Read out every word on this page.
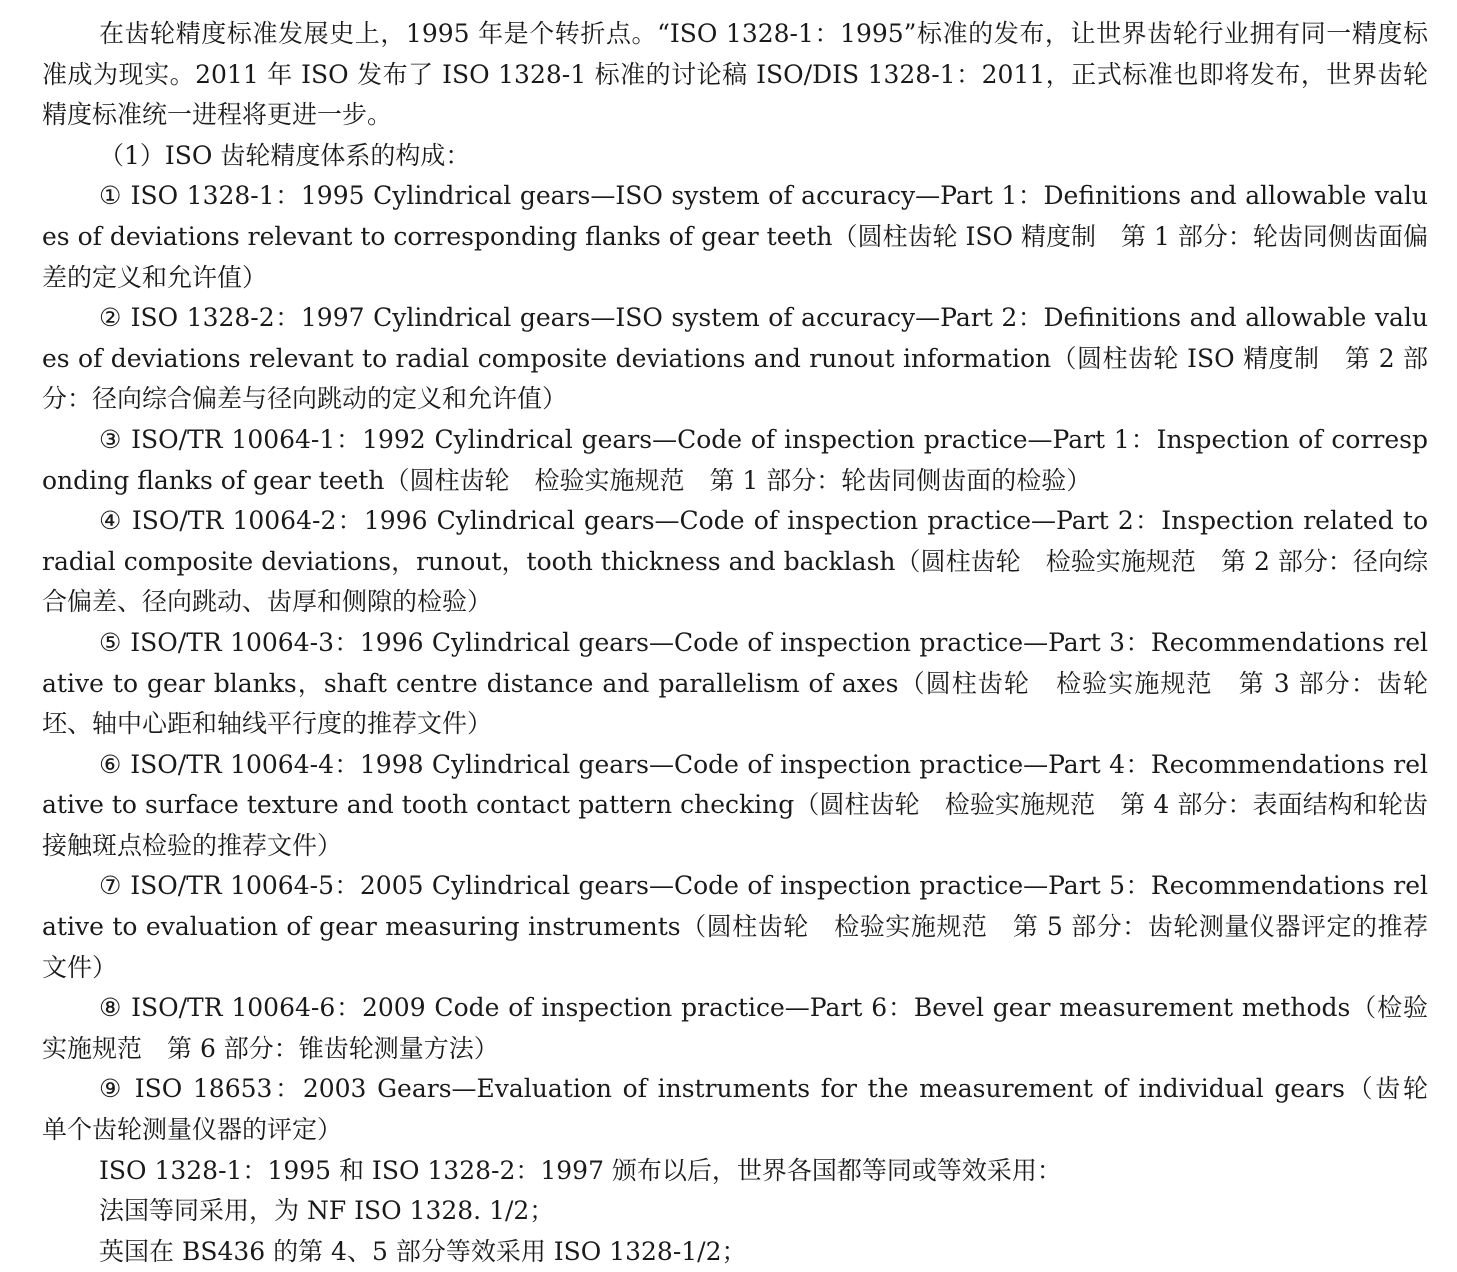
在齿轮精度标准发展史上，1995 年是个转折点。“ISO 1328-1：1995”标准的发布，让世界齿轮行业拥有同一精度标准成为现实。2011 年 ISO 发布了 ISO 1328-1 标准的讨论稿 ISO/DIS 1328-1：2011，正式标准也即将发布，世界齿轮精度标准统一进程将更进一步。

（1）ISO 齿轮精度体系的构成：

① ISO 1328-1：1995 Cylindrical gears—ISO system of accuracy—Part 1：Definitions and allowable values of deviations relevant to corresponding flanks of gear teeth（圆柱齿轮 ISO 精度制　第 1 部分：轮齿同侧齿面偏差的定义和允许值）

② ISO 1328-2：1997 Cylindrical gears—ISO system of accuracy—Part 2：Definitions and allowable values of deviations relevant to radial composite deviations and runout information（圆柱齿轮 ISO 精度制　第 2 部分：径向综合偏差与径向跳动的定义和允许值）

③ ISO/TR 10064-1：1992 Cylindrical gears—Code of inspection practice—Part 1：Inspection of corresponding flanks of gear teeth（圆柱齿轮　检验实施规范　第 1 部分：轮齿同侧齿面的检验）

④ ISO/TR 10064-2：1996 Cylindrical gears—Code of inspection practice—Part 2：Inspection related to radial composite deviations，runout，tooth thickness and backlash（圆柱齿轮　检验实施规范　第 2 部分：径向综合偏差、径向跳动、齿厚和侧隙的检验）

⑤ ISO/TR 10064-3：1996 Cylindrical gears—Code of inspection practice—Part 3：Recommendations relative to gear blanks，shaft centre distance and parallelism of axes（圆柱齿轮　检验实施规范　第 3 部分：齿轮坯、轴中心距和轴线平行度的推荐文件）

⑥ ISO/TR 10064-4：1998 Cylindrical gears—Code of inspection practice—Part 4：Recommendations relative to surface texture and tooth contact pattern checking（圆柱齿轮　检验实施规范　第 4 部分：表面结构和轮齿接触斑点检验的推荐文件）

⑦ ISO/TR 10064-5：2005 Cylindrical gears—Code of inspection practice—Part 5：Recommendations relative to evaluation of gear measuring instruments（圆柱齿轮　检验实施规范　第 5 部分：齿轮测量仪器评定的推荐文件）

⑧ ISO/TR 10064-6：2009 Code of inspection practice—Part 6：Bevel gear measurement methods（检验实施规范　第 6 部分：锥齿轮测量方法）

⑨ ISO 18653：2003 Gears—Evaluation of instruments for the measurement of individual gears（齿轮　单个齿轮测量仪器的评定）

ISO 1328-1：1995 和 ISO 1328-2：1997 颁布以后，世界各国都等同或等效采用：

法国等同采用，为 NF ISO 1328. 1/2；

英国在 BS436 的第 4、5 部分等效采用 ISO 1328-1/2；
